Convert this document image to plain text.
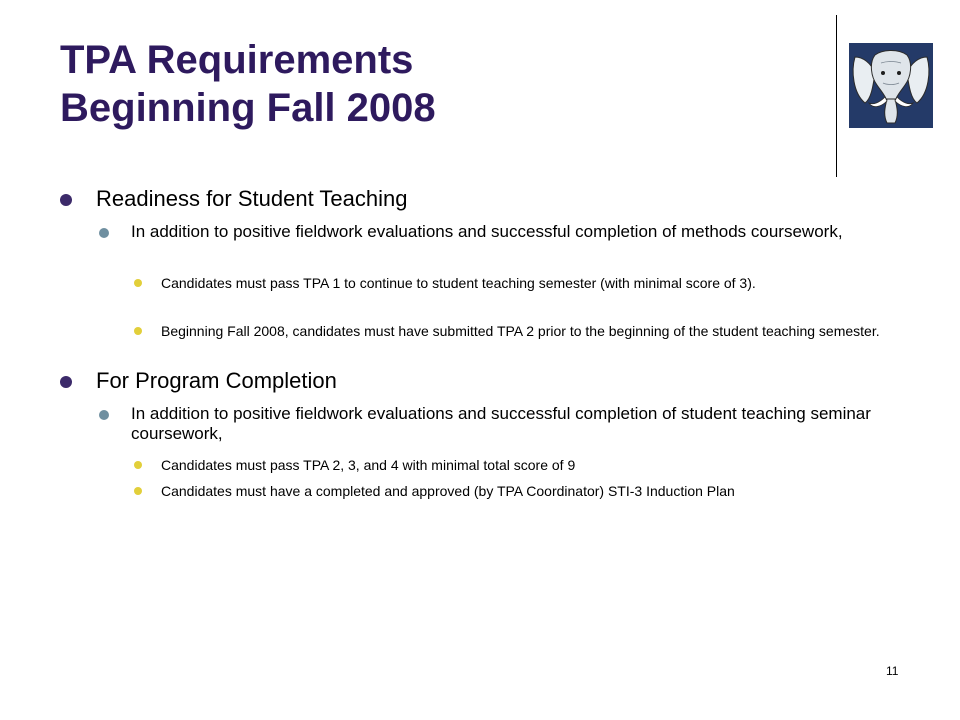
TPA Requirements
Beginning Fall 2008
Readiness for Student Teaching
In addition to positive fieldwork evaluations and successful completion of methods coursework,
Candidates must pass TPA 1 to continue to student teaching semester (with minimal score of 3).
Beginning Fall 2008, candidates must have submitted TPA 2 prior to the beginning of the student teaching semester.
For Program Completion
In addition to positive fieldwork evaluations and successful completion of student teaching seminar coursework,
Candidates must pass TPA 2, 3, and 4 with minimal total score of 9
Candidates must have a completed and approved (by TPA Coordinator) STI-3 Induction Plan
11
